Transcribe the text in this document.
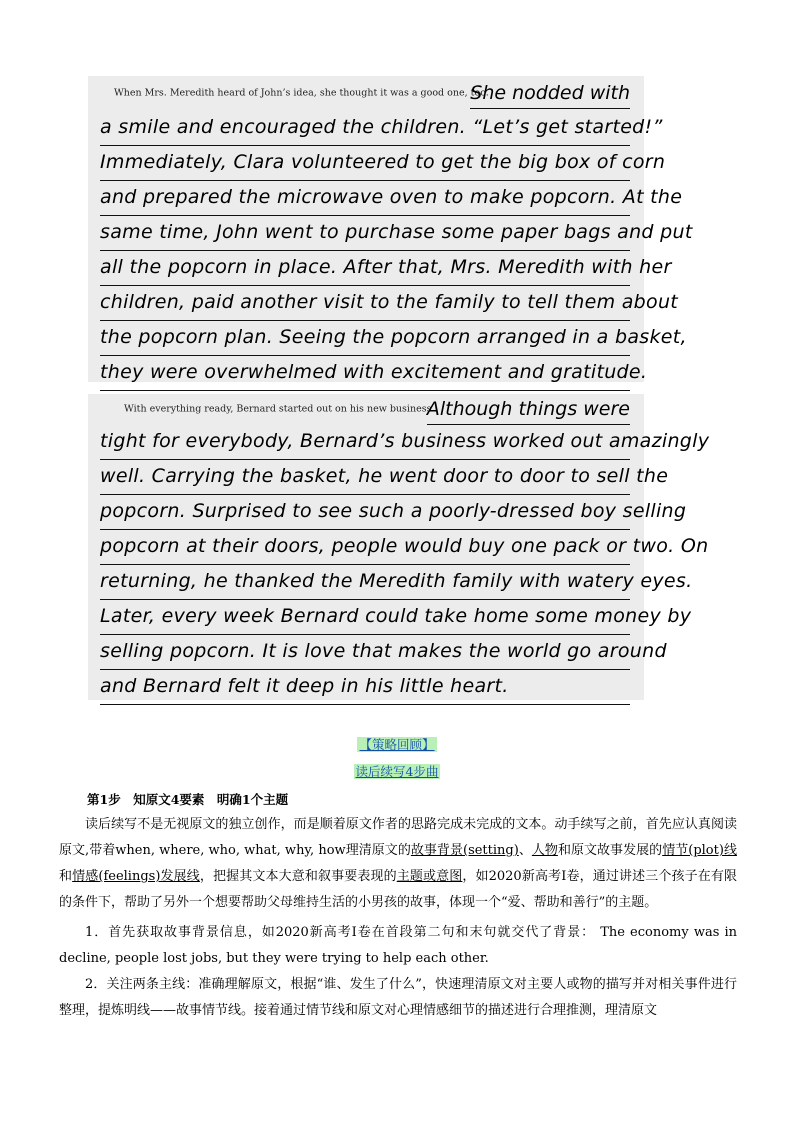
When Mrs. Meredith heard of John’s idea, she thought it was a good one, too.
She nodded with
a smile and encouraged the children. “Let’s get started!”
Immediately, Clara volunteered to get the big box of corn
and prepared the microwave oven to make popcorn. At the
same time, John went to purchase some paper bags and put
all the popcorn in place. After that, Mrs. Meredith with her
children, paid another visit to the family to tell them about
the popcorn plan. Seeing the popcorn arranged in a basket,
they were overwhelmed with excitement and gratitude.
With everything ready, Bernard started out on his new business.
Although things were
tight for everybody, Bernard’s business worked out amazingly
well. Carrying the basket, he went door to door to sell the
popcorn. Surprised to see such a poorly-dressed boy selling
popcorn at their doors, people would buy one pack or two. On
returning, he thanked the Meredith family with watery eyes.
Later, every week Bernard could take home some money by
selling popcorn. It is love that makes the world go around
and Bernard felt it deep in his little heart.
【策略回顾】
读后续写4步曲
第1步　知原文4要素　明确1个主题
读后续写不是无视原文的独立创作，而是顺着原文作者的思路完成未完成的文本。动手续写之前，首先应认真阅读原文,带着when, where, who, what, why, how理清原文的故事背景(setting)、人物和原文故事发展的情节(plot)线和情感(feelings)发展线，把握其文本大意和叙事要表现的主题或意图，如2020新高考Ⅰ卷，通过讲述三个孩子在有限的条件下，帮助了另外一个想要帮助父母维持生活的小男孩的故事，体现一个“爱、帮助和善行”的主题。
1．首先获取故事背景信息，如2020新高考Ⅰ卷在首段第二句和末句就交代了背景： The economy was in decline, people lost jobs, but they were trying to help each other.
2．关注两条主线：准确理解原文，根据“谁、发生了什么”，快速理清原文对主要人或物的描写并对相关事件进行整理，提炼明线——故事情节线。接着通过情节线和原文对心理情感细节的描述进行合理推测，理清原文
